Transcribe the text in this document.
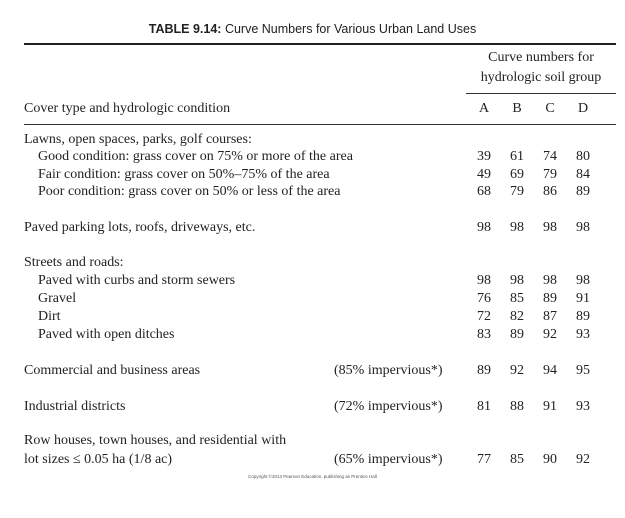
TABLE 9.14: Curve Numbers for Various Urban Land Uses
Curve numbers for
hydrologic soil group
Cover type and hydrologic condition	A	B	C	D
Lawns, open spaces, parks, golf courses:
Good condition: grass cover on 75% or more of the area	39	61	74	80
Fair condition: grass cover on 50%–75% of the area	49	69	79	84
Poor condition: grass cover on 50% or less of the area	68	79	86	89
Paved parking lots, roofs, driveways, etc.	98	98	98	98
Streets and roads:
Paved with curbs and storm sewers	98	98	98	98
Gravel	76	85	89	91
Dirt	72	82	87	89
Paved with open ditches	83	89	92	93
Commercial and business areas	(85% impervious*)	89	92	94	95
Industrial districts	(72% impervious*)	81	88	91	93
Row houses, town houses, and residential with
lot sizes ≤ 0.05 ha (1/8 ac)	(65% impervious*)	77	85	90	92
Copyright ©2013 Pearson Education, publishing as Prentice Hall
